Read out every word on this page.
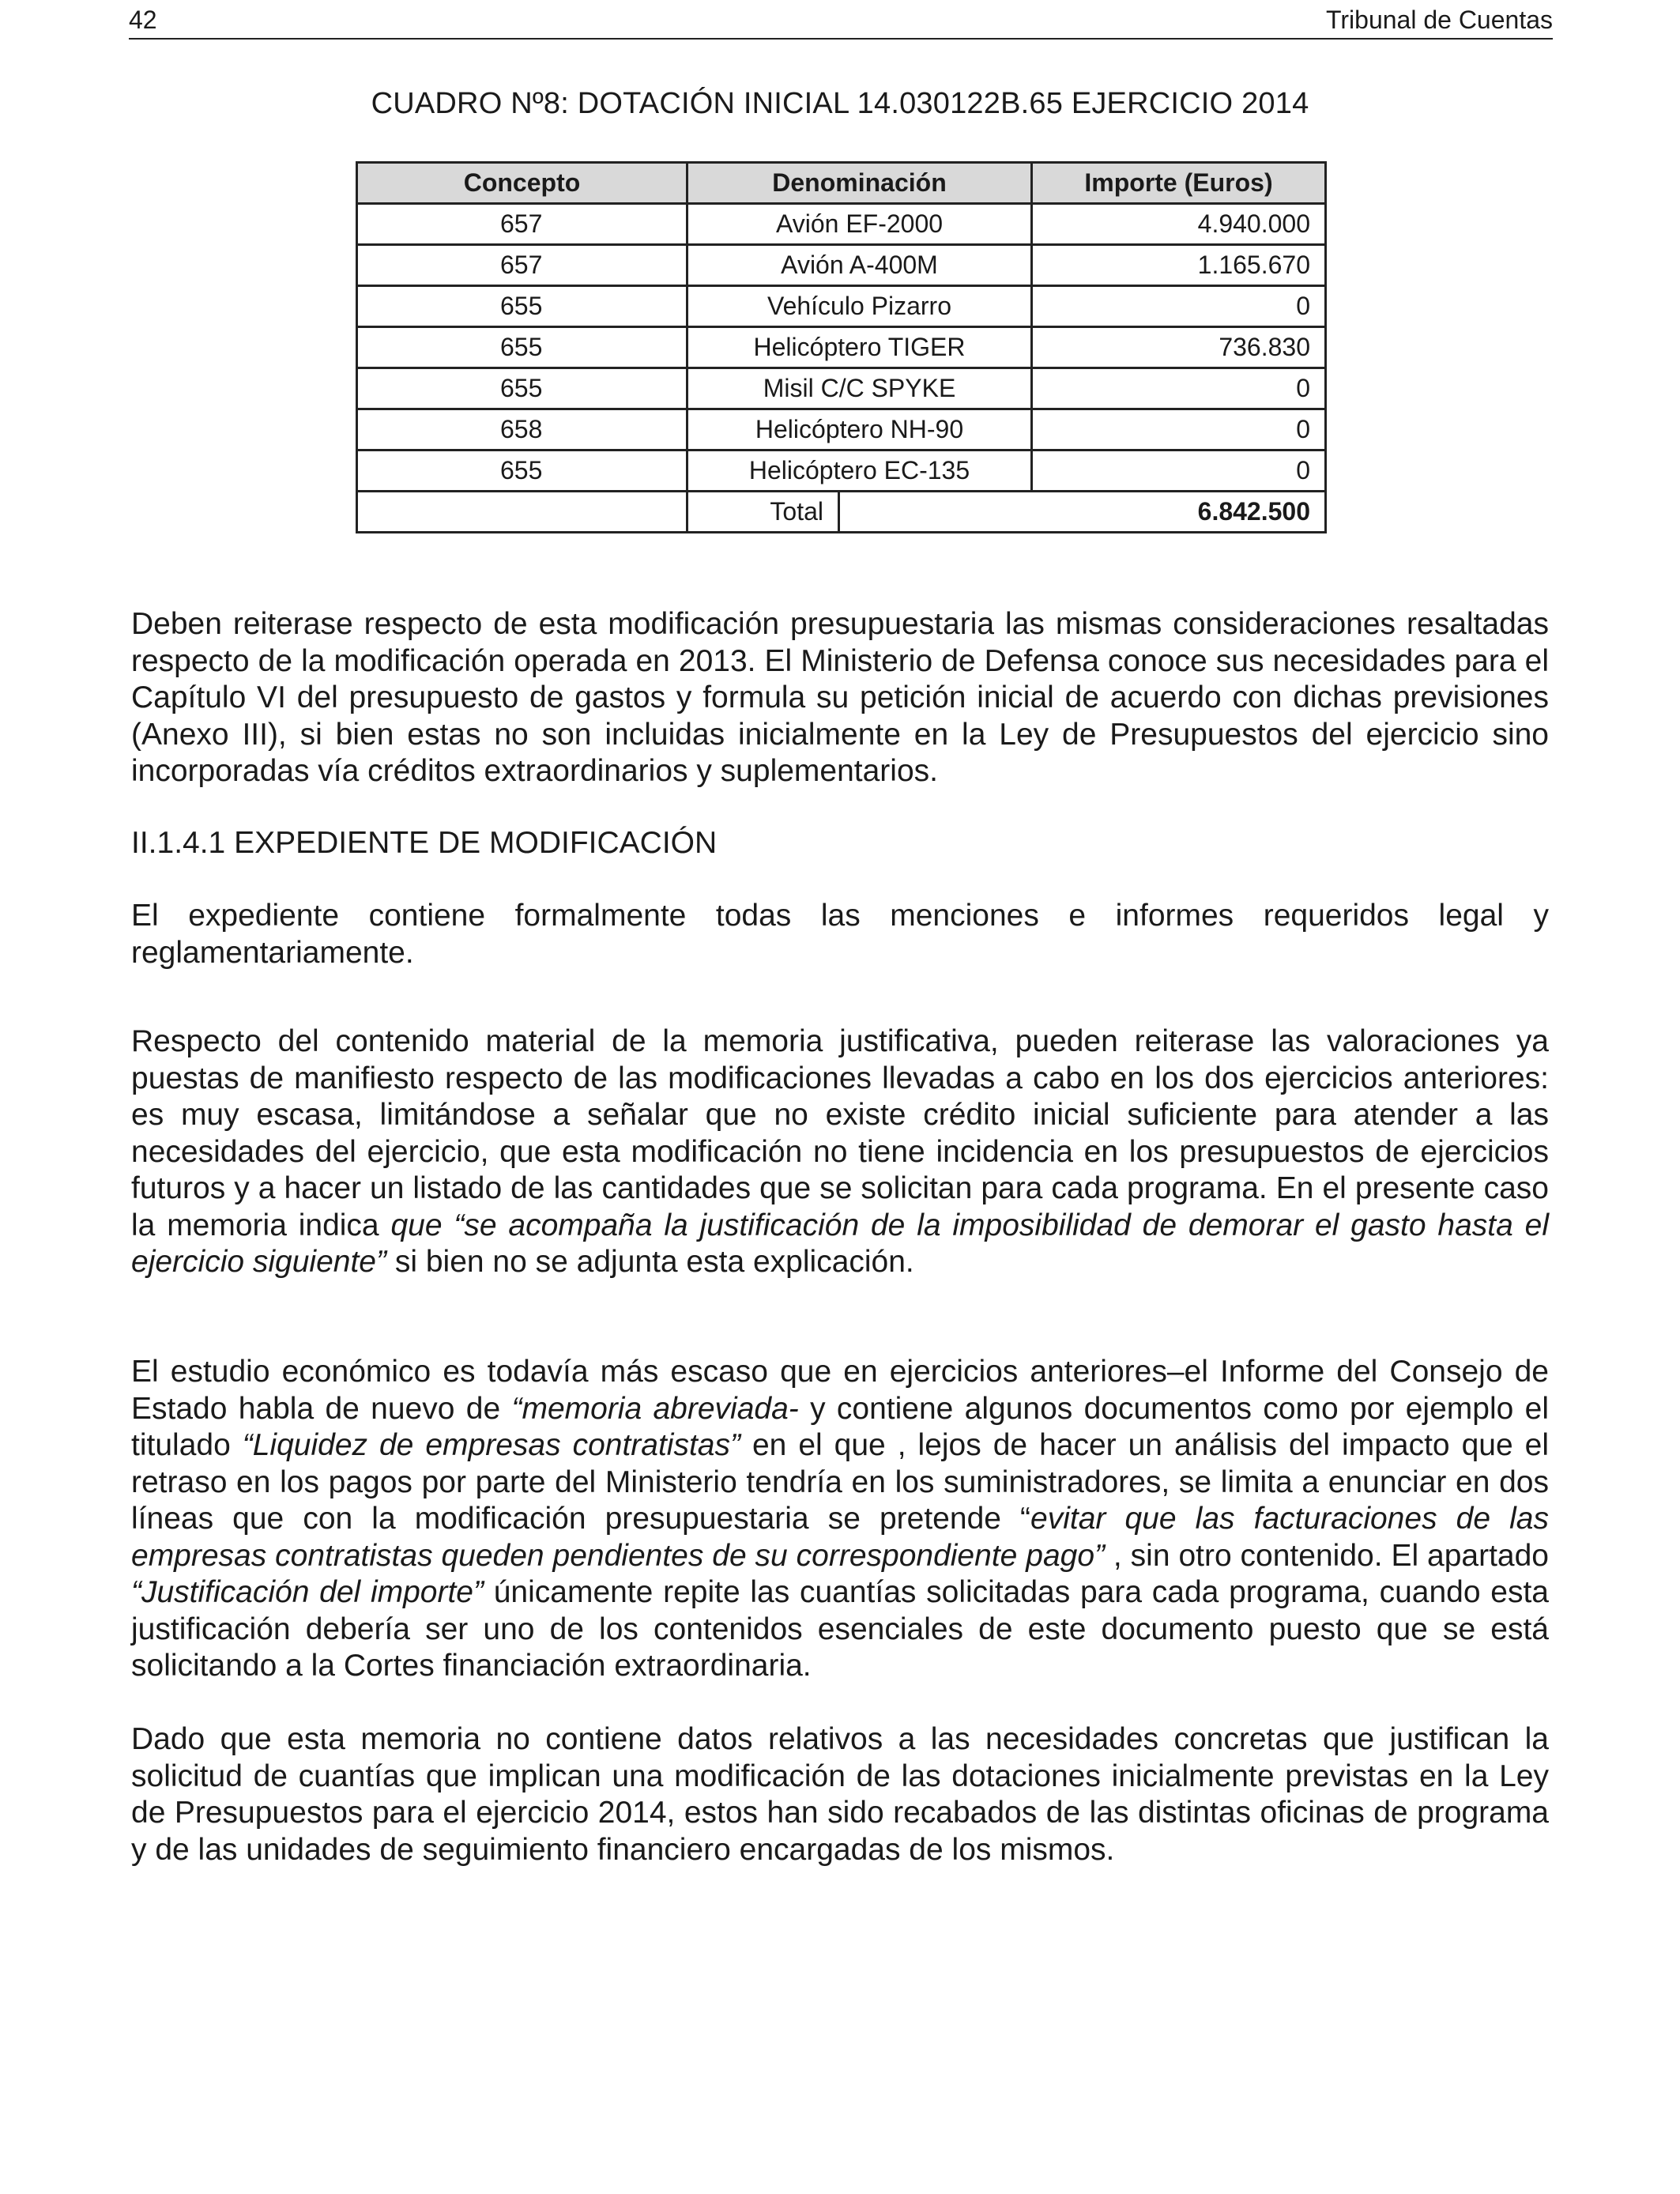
42	Tribunal de Cuentas
CUADRO Nº8: DOTACIÓN INICIAL 14.030122B.65 EJERCICIO 2014
Concepto	Denominación		Importe (Euros)
657	Avión EF-2000		4.940.000
657	Avión A-400M		1.165.670
655	Vehículo Pizarro		0
655	Helicóptero TIGER		736.830
655	Misil C/C SPYKE		0
658	Helicóptero NH-90		0
655	Helicóptero EC-135		0
	Total		6.842.500

Deben reiterase respecto de esta modificación presupuestaria las mismas consideraciones resaltadas respecto de la modificación operada en 2013. El Ministerio de Defensa conoce sus necesidades para el Capítulo VI del presupuesto de gastos y formula su petición inicial de acuerdo con dichas previsiones (Anexo III), si bien estas no son incluidas inicialmente en la Ley de Presupuestos del ejercicio sino incorporadas vía créditos extraordinarios y suplementarios.

II.1.4.1 EXPEDIENTE DE MODIFICACIÓN

El expediente contiene formalmente todas las menciones e informes requeridos legal y reglamentariamente.

Respecto del contenido material de la memoria justificativa, pueden reiterase las valoraciones ya puestas de manifiesto respecto de las modificaciones llevadas a cabo en los dos ejercicios anteriores: es muy escasa, limitándose a señalar que no existe crédito inicial suficiente para atender a las necesidades del ejercicio, que esta modificación no tiene incidencia en los presupuestos de ejercicios futuros y a hacer un listado de las cantidades que se solicitan para cada programa. En el presente caso la memoria indica que “se acompaña la justificación de la imposibilidad de demorar el gasto hasta el ejercicio siguiente” si bien no se adjunta esta explicación.

El estudio económico es todavía más escaso que en ejercicios anteriores–el Informe del Consejo de Estado habla de nuevo de “memoria abreviada- y contiene algunos documentos como por ejemplo el titulado “Liquidez de empresas contratistas” en el que , lejos de hacer un análisis del impacto que el retraso en los pagos por parte del Ministerio tendría en los suministradores, se limita a enunciar en dos líneas que con la modificación presupuestaria se pretende “evitar que las facturaciones de las empresas contratistas queden pendientes de su correspondiente pago” , sin otro contenido. El apartado “Justificación del importe” únicamente repite las cuantías solicitadas para cada programa, cuando esta justificación debería ser uno de los contenidos esenciales de este documento puesto que se está solicitando a la Cortes financiación extraordinaria.

Dado que esta memoria no contiene datos relativos a las necesidades concretas que justifican la solicitud de cuantías que implican una modificación de las dotaciones inicialmente previstas en la Ley de Presupuestos para el ejercicio 2014, estos han sido recabados de las distintas oficinas de programa y de las unidades de seguimiento financiero encargadas de los mismos.
